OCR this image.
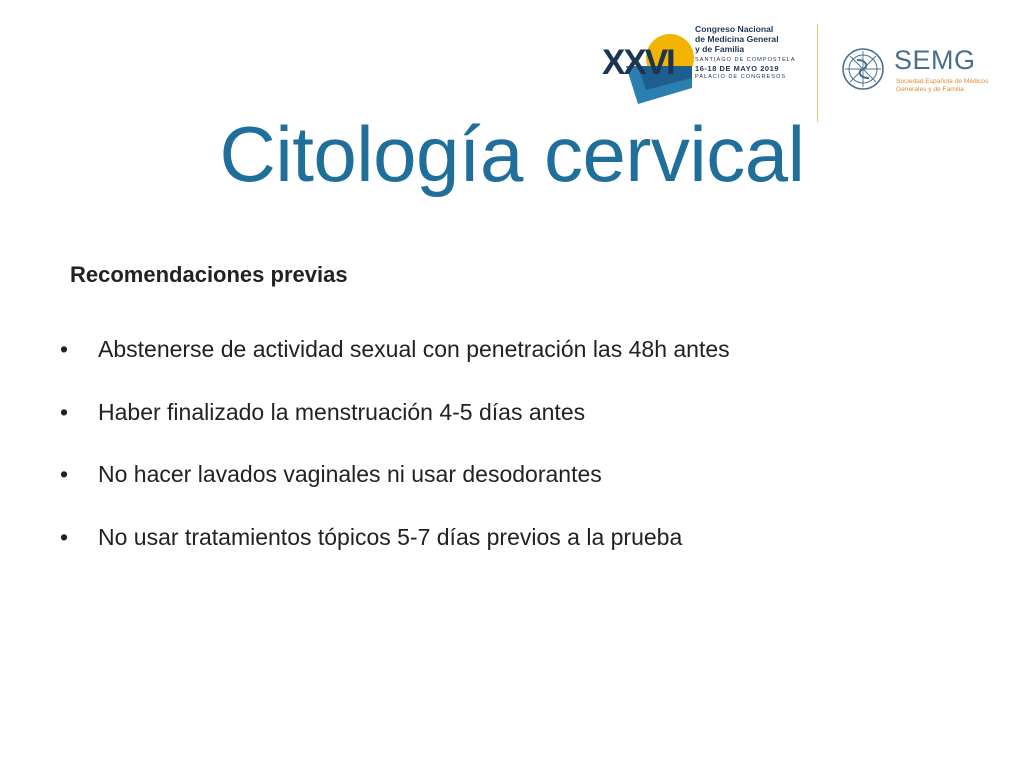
XXVI
Congreso Nacional
de Medicina General
y de Familia
SANTIAGO DE COMPOSTELA
16-18 DE MAYO 2019
PALACIO DE CONGRESOS
SEMG
Sociedad Española de Médicos
Generales y de Familia
Citología cervical
Recomendaciones previas
•	Abstenerse de actividad sexual con penetración las 48h antes
•	Haber finalizado la menstruación 4-5 días antes
•	No hacer lavados vaginales ni usar desodorantes
•	No usar tratamientos tópicos 5-7 días previos a la prueba
